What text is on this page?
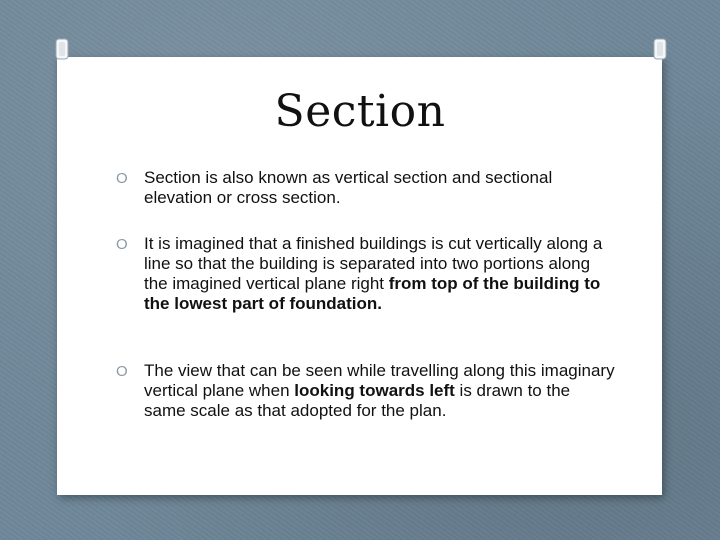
Section
O Section is also known as vertical section and sectional elevation or cross section.
O It is imagined that a finished buildings is cut vertically along a line so that the building is separated into two portions along the imagined vertical plane right from top of the building to the lowest part of foundation.
O The view that can be seen while travelling along this imaginary vertical plane when looking towards left is drawn to the same scale as that adopted for the plan.
